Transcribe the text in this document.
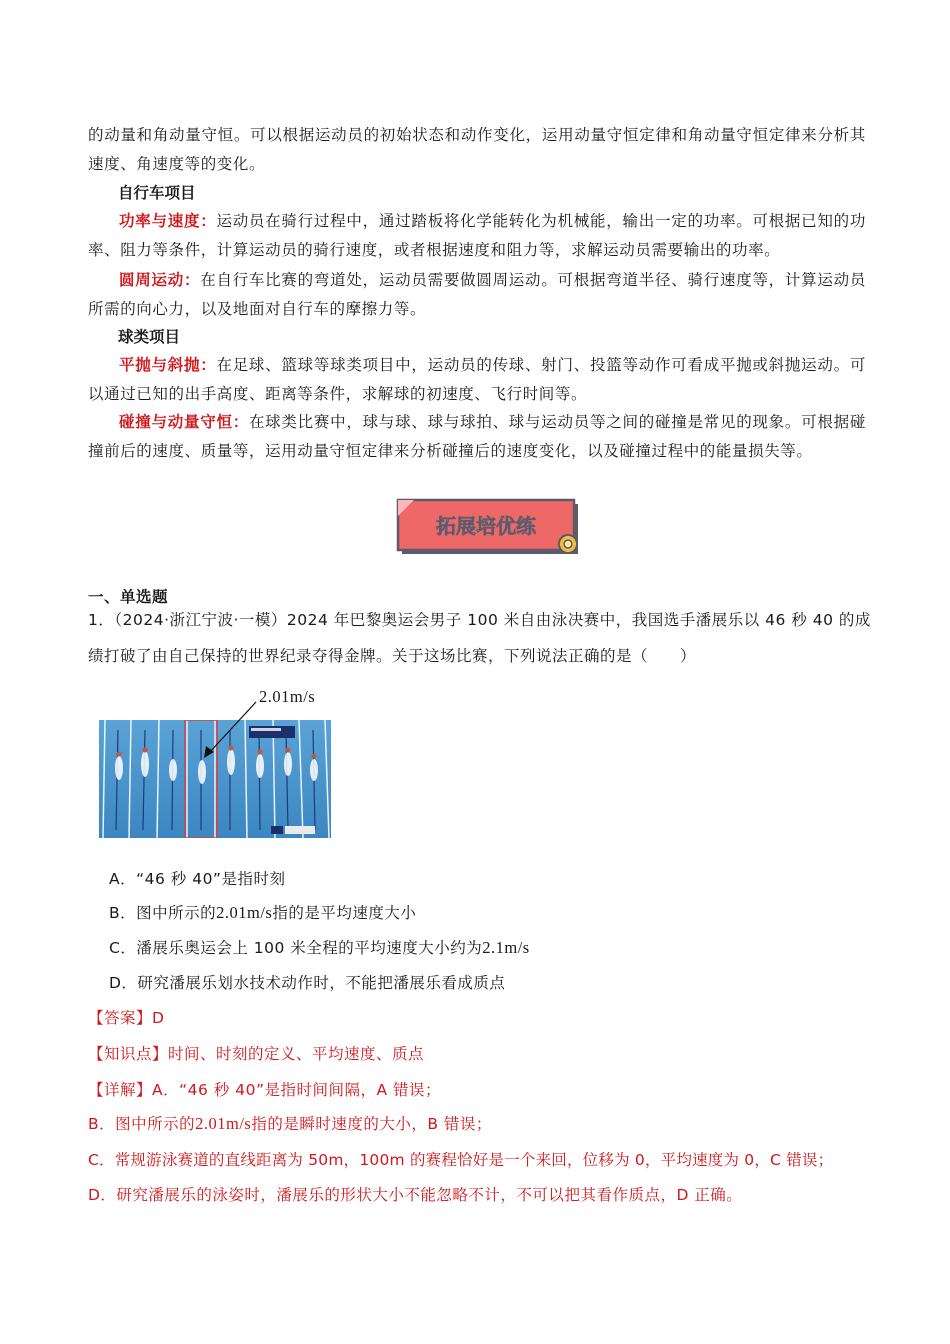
的动量和角动量守恒。可以根据运动员的初始状态和动作变化，运用动量守恒定律和角动量守恒定律来分析其速度、角速度等的变化。
自行车项目
功率与速度：运动员在骑行过程中，通过踏板将化学能转化为机械能，输出一定的功率。可根据已知的功率、阻力等条件，计算运动员的骑行速度，或者根据速度和阻力等，求解运动员需要输出的功率。
圆周运动：在自行车比赛的弯道处，运动员需要做圆周运动。可根据弯道半径、骑行速度等，计算运动员所需的向心力，以及地面对自行车的摩擦力等。
球类项目
平抛与斜抛：在足球、篮球等球类项目中，运动员的传球、射门、投篮等动作可看成平抛或斜抛运动。可以通过已知的出手高度、距离等条件，求解球的初速度、飞行时间等。
碰撞与动量守恒：在球类比赛中，球与球、球与球拍、球与运动员等之间的碰撞是常见的现象。可根据碰撞前后的速度、质量等，运用动量守恒定律来分析碰撞后的速度变化，以及碰撞过程中的能量损失等。
拓展培优练
一、单选题
1．（2024·浙江宁波·一模）2024 年巴黎奥运会男子 100 米自由泳决赛中，我国选手潘展乐以 46 秒 40 的成
绩打破了由自己保持的世界纪录夺得金牌。关于这场比赛，下列说法正确的是（　　）
2.01m/s
A．“46 秒 40”是指时刻
B．图中所示的2.01m/s指的是平均速度大小
C．潘展乐奥运会上 100 米全程的平均速度大小约为2.1m/s
D．研究潘展乐划水技术动作时，不能把潘展乐看成质点
【答案】D
【知识点】时间、时刻的定义、平均速度、质点
【详解】A．“46 秒 40”是指时间间隔，A 错误；
B．图中所示的2.01m/s指的是瞬时速度的大小，B 错误；
C．常规游泳赛道的直线距离为 50m，100m 的赛程恰好是一个来回，位移为 0，平均速度为 0，C 错误；
D．研究潘展乐的泳姿时，潘展乐的形状大小不能忽略不计，不可以把其看作质点，D 正确。
